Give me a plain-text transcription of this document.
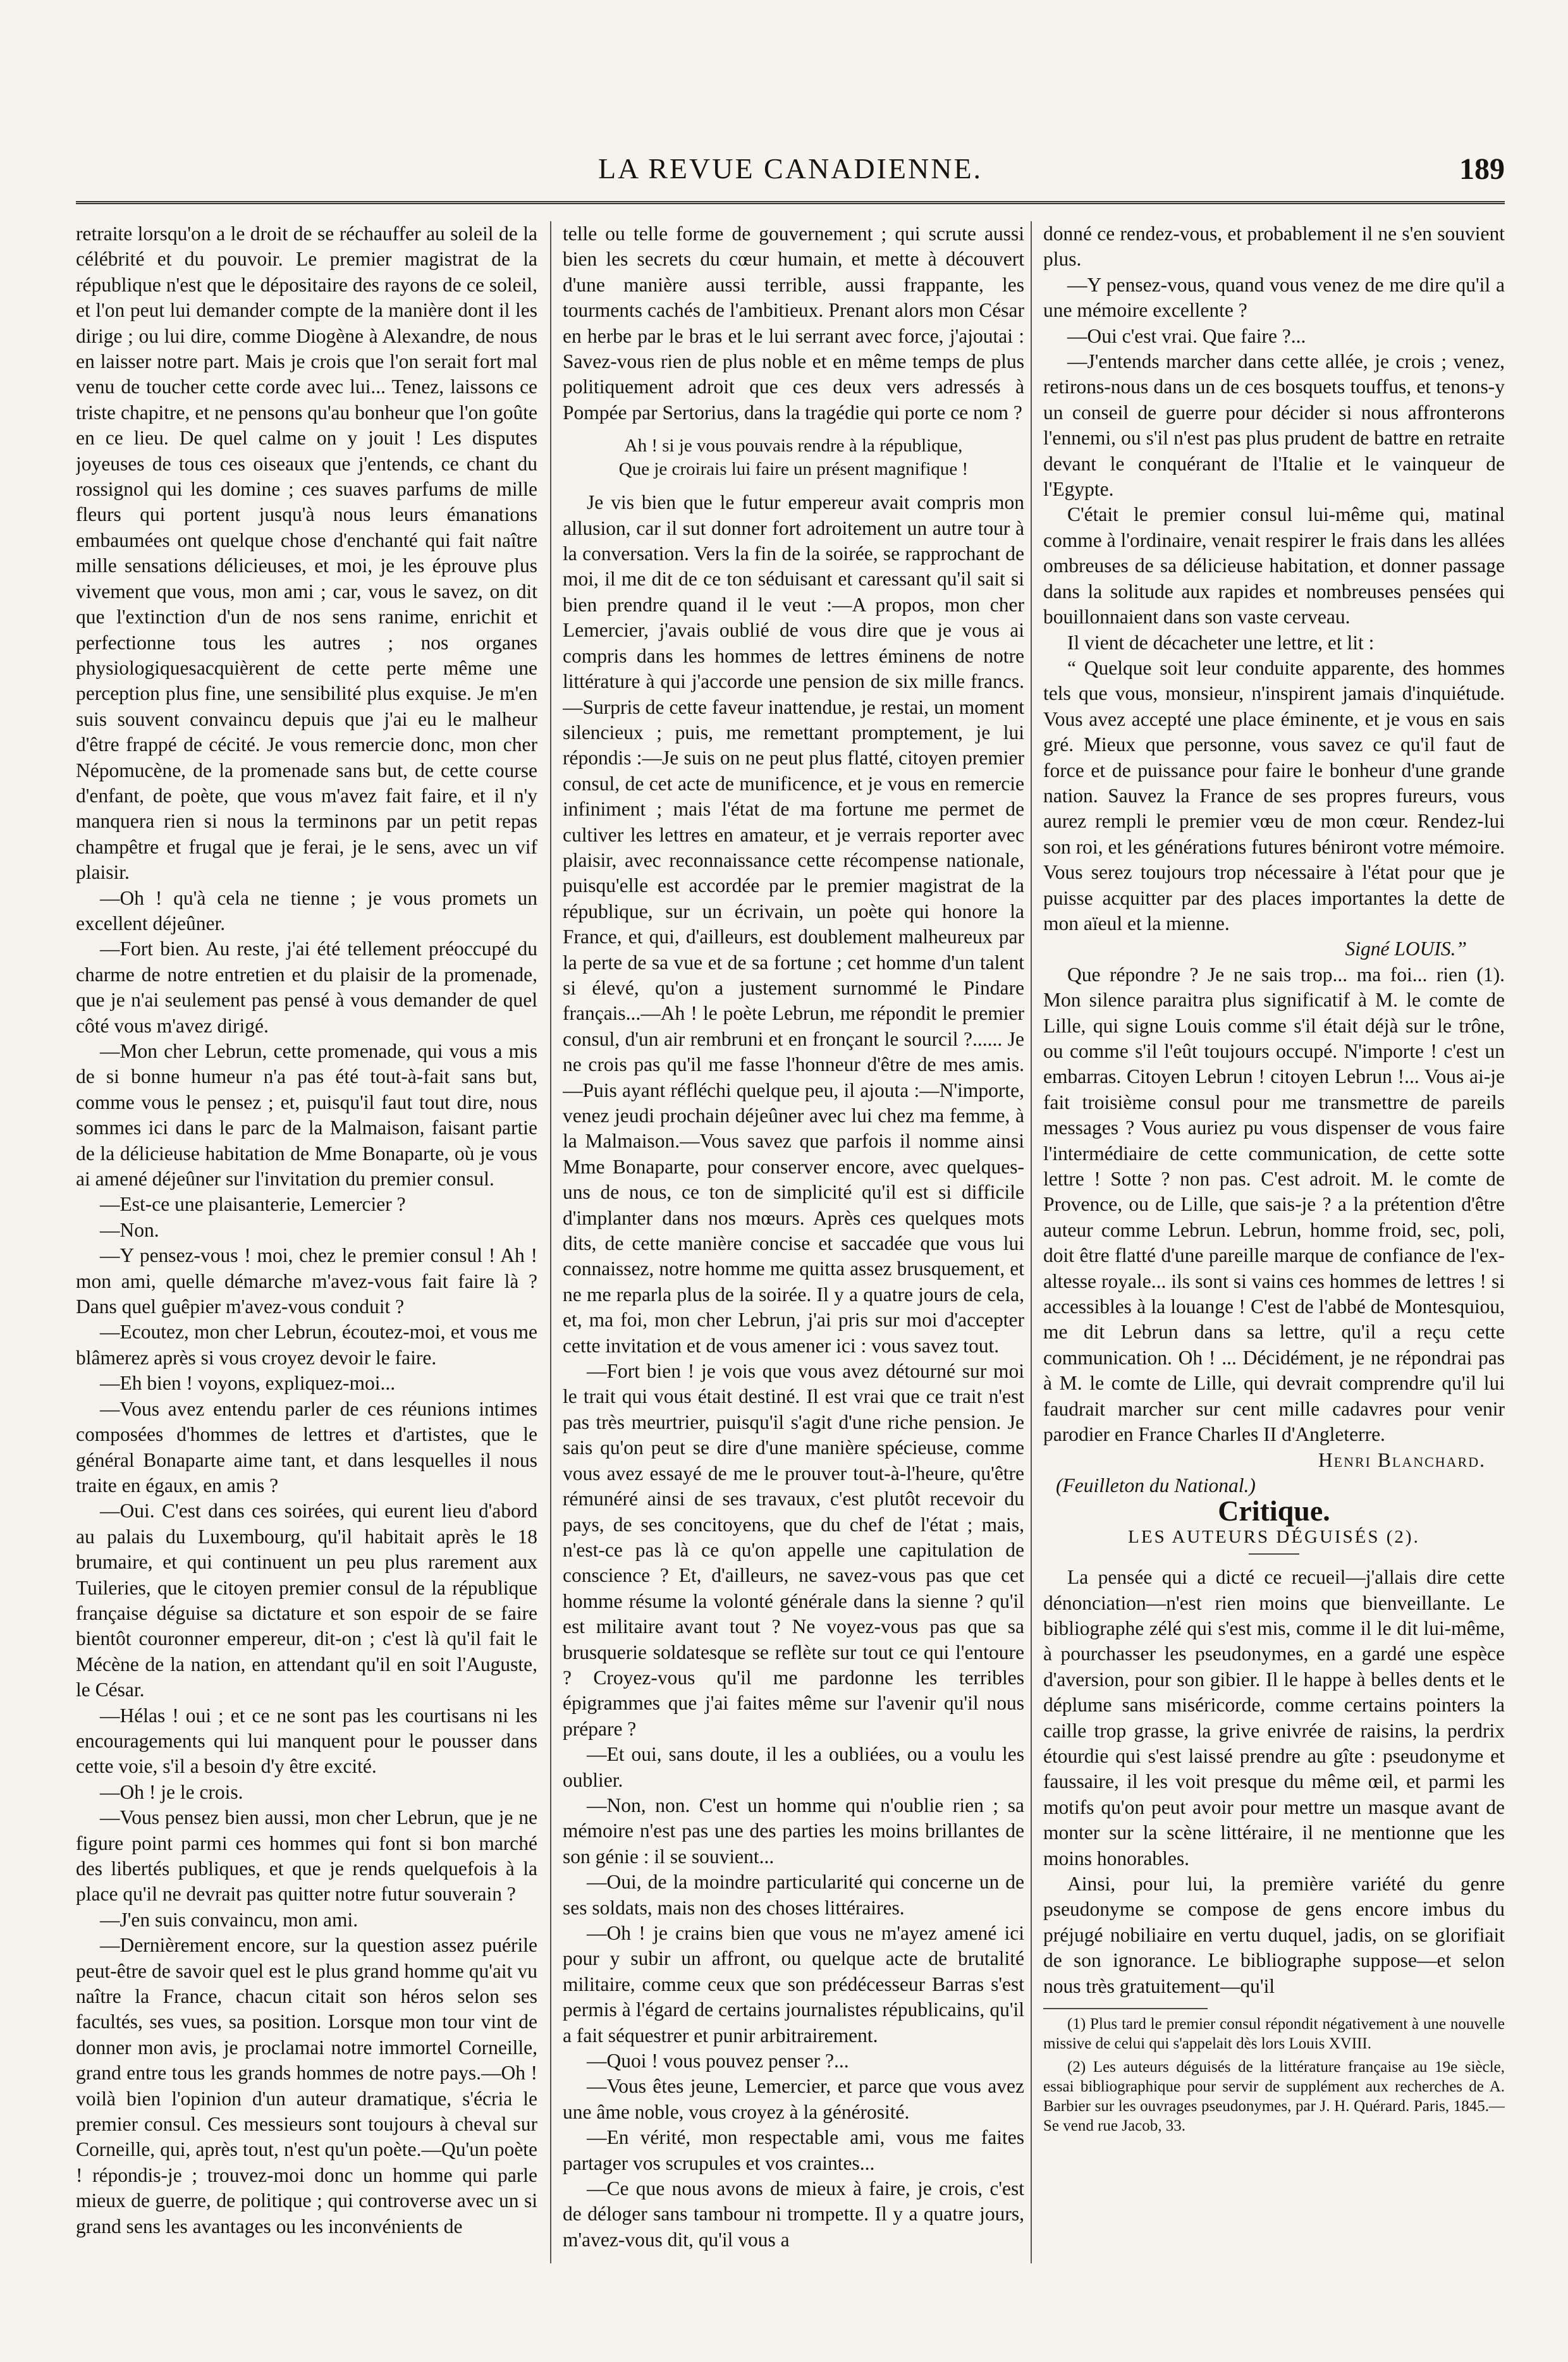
LA REVUE CANADIENNE.	189

retraite lorsqu'on a le droit de se réchauffer au soleil de la célébrité et du pouvoir. Le premier magistrat de la république n'est que le dépositaire des rayons de ce soleil, et l'on peut lui demander compte de la manière dont il les dirige ; ou lui dire, comme Diogène à Alexandre, de nous en laisser notre part. Mais je crois que l'on serait fort mal venu de toucher cette corde avec lui... Tenez, laissons ce triste chapitre, et ne pensons qu'au bonheur que l'on goûte en ce lieu. De quel calme on y jouit ! Les disputes joyeuses de tous ces oiseaux que j'entends, ce chant du rossignol qui les domine ; ces suaves parfums de mille fleurs qui portent jusqu'à nous leurs émanations embaumées ont quelque chose d'enchanté qui fait naître mille sensations délicieuses, et moi, je les éprouve plus vivement que vous, mon ami ; car, vous le savez, on dit que l'extinction d'un de nos sens ranime, enrichit et perfectionne tous les autres ; nos organes physiologiquesacquièrent de cette perte même une perception plus fine, une sensibilité plus exquise. Je m'en suis souvent convaincu depuis que j'ai eu le malheur d'être frappé de cécité. Je vous remercie donc, mon cher Népomucène, de la promenade sans but, de cette course d'enfant, de poète, que vous m'avez fait faire, et il n'y manquera rien si nous la terminons par un petit repas champêtre et frugal que je ferai, je le sens, avec un vif plaisir.

—Oh ! qu'à cela ne tienne ; je vous promets un excellent déjeûner.

—Fort bien. Au reste, j'ai été tellement préoccupé du charme de notre entretien et du plaisir de la promenade, que je n'ai seulement pas pensé à vous demander de quel côté vous m'avez dirigé.

—Mon cher Lebrun, cette promenade, qui vous a mis de si bonne humeur n'a pas été tout-à-fait sans but, comme vous le pensez ; et, puisqu'il faut tout dire, nous sommes ici dans le parc de la Malmaison, faisant partie de la délicieuse habitation de Mme Bonaparte, où je vous ai amené déjeûner sur l'invitation du premier consul.

—Est-ce une plaisanterie, Lemercier ?

—Non.

—Y pensez-vous ! moi, chez le premier consul ! Ah ! mon ami, quelle démarche m'avez-vous fait faire là ? Dans quel guêpier m'avez-vous conduit ?

—Ecoutez, mon cher Lebrun, écoutez-moi, et vous me blâmerez après si vous croyez devoir le faire.

—Eh bien ! voyons, expliquez-moi...

—Vous avez entendu parler de ces réunions intimes composées d'hommes de lettres et d'artistes, que le général Bonaparte aime tant, et dans lesquelles il nous traite en égaux, en amis ?

—Oui. C'est dans ces soirées, qui eurent lieu d'abord au palais du Luxembourg, qu'il habitait après le 18 brumaire, et qui continuent un peu plus rarement aux Tuileries, que le citoyen premier consul de la république française déguise sa dictature et son espoir de se faire bientôt couronner empereur, dit-on ; c'est là qu'il fait le Mécène de la nation, en attendant qu'il en soit l'Auguste, le César.

—Hélas ! oui ; et ce ne sont pas les courtisans ni les encouragements qui lui manquent pour le pousser dans cette voie, s'il a besoin d'y être excité.

—Oh ! je le crois.

—Vous pensez bien aussi, mon cher Lebrun, que je ne figure point parmi ces hommes qui font si bon marché des libertés publiques, et que je rends quelquefois à la place qu'il ne devrait pas quitter notre futur souverain ?

—J'en suis convaincu, mon ami.

—Dernièrement encore, sur la question assez puérile peut-être de savoir quel est le plus grand homme qu'ait vu naître la France, chacun citait son héros selon ses facultés, ses vues, sa position. Lorsque mon tour vint de donner mon avis, je proclamai notre immortel Corneille, grand entre tous les grands hommes de notre pays.—Oh ! voilà bien l'opinion d'un auteur dramatique, s'écria le premier consul. Ces messieurs sont toujours à cheval sur Corneille, qui, après tout, n'est qu'un poète.—Qu'un poète ! répondis-je ; trouvez-moi donc un homme qui parle mieux de guerre, de politique ; qui controverse avec un si grand sens les avantages ou les inconvénients de

telle ou telle forme de gouvernement ; qui scrute aussi bien les secrets du cœur humain, et mette à découvert d'une manière aussi terrible, aussi frappante, les tourments cachés de l'ambitieux. Prenant alors mon César en herbe par le bras et le lui serrant avec force, j'ajoutai : Savez-vous rien de plus noble et en même temps de plus politiquement adroit que ces deux vers adressés à Pompée par Sertorius, dans la tragédie qui porte ce nom ?

Ah ! si je vous pouvais rendre à la république,
Que je croirais lui faire un présent magnifique !

Je vis bien que le futur empereur avait compris mon allusion, car il sut donner fort adroitement un autre tour à la conversation. Vers la fin de la soirée, se rapprochant de moi, il me dit de ce ton séduisant et caressant qu'il sait si bien prendre quand il le veut :—A propos, mon cher Lemercier, j'avais oublié de vous dire que je vous ai compris dans les hommes de lettres éminens de notre littérature à qui j'accorde une pension de six mille francs.—Surpris de cette faveur inattendue, je restai, un moment silencieux ; puis, me remettant promptement, je lui répondis :—Je suis on ne peut plus flatté, citoyen premier consul, de cet acte de munificence, et je vous en remercie infiniment ; mais l'état de ma fortune me permet de cultiver les lettres en amateur, et je verrais reporter avec plaisir, avec reconnaissance cette récompense nationale, puisqu'elle est accordée par le premier magistrat de la république, sur un écrivain, un poète qui honore la France, et qui, d'ailleurs, est doublement malheureux par la perte de sa vue et de sa fortune ; cet homme d'un talent si élevé, qu'on a justement surnommé le Pindare français...—Ah ! le poète Lebrun, me répondit le premier consul, d'un air rembruni et en fronçant le sourcil ?...... Je ne crois pas qu'il me fasse l'honneur d'être de mes amis.—Puis ayant réfléchi quelque peu, il ajouta :—N'importe, venez jeudi prochain déjeûner avec lui chez ma femme, à la Malmaison.—Vous savez que parfois il nomme ainsi Mme Bonaparte, pour conserver encore, avec quelques-uns de nous, ce ton de simplicité qu'il est si difficile d'implanter dans nos mœurs. Après ces quelques mots dits, de cette manière concise et saccadée que vous lui connaissez, notre homme me quitta assez brusquement, et ne me reparla plus de la soirée. Il y a quatre jours de cela, et, ma foi, mon cher Lebrun, j'ai pris sur moi d'accepter cette invitation et de vous amener ici : vous savez tout.

—Fort bien ! je vois que vous avez détourné sur moi le trait qui vous était destiné. Il est vrai que ce trait n'est pas très meurtrier, puisqu'il s'agit d'une riche pension. Je sais qu'on peut se dire d'une manière spécieuse, comme vous avez essayé de me le prouver tout-à-l'heure, qu'être rémunéré ainsi de ses travaux, c'est plutôt recevoir du pays, de ses concitoyens, que du chef de l'état ; mais, n'est-ce pas là ce qu'on appelle une capitulation de conscience ? Et, d'ailleurs, ne savez-vous pas que cet homme résume la volonté générale dans la sienne ? qu'il est militaire avant tout ? Ne voyez-vous pas que sa brusquerie soldatesque se reflète sur tout ce qui l'entoure ? Croyez-vous qu'il me pardonne les terribles épigrammes que j'ai faites même sur l'avenir qu'il nous prépare ?

—Et oui, sans doute, il les a oubliées, ou a voulu les oublier.

—Non, non. C'est un homme qui n'oublie rien ; sa mémoire n'est pas une des parties les moins brillantes de son génie : il se souvient...

—Oui, de la moindre particularité qui concerne un de ses soldats, mais non des choses littéraires.

—Oh ! je crains bien que vous ne m'ayez amené ici pour y subir un affront, ou quelque acte de brutalité militaire, comme ceux que son prédécesseur Barras s'est permis à l'égard de certains journalistes républicains, qu'il a fait séquestrer et punir arbitrairement.

—Quoi ! vous pouvez penser ?...

—Vous êtes jeune, Lemercier, et parce que vous avez une âme noble, vous croyez à la générosité.

—En vérité, mon respectable ami, vous me faites partager vos scrupules et vos craintes...

—Ce que nous avons de mieux à faire, je crois, c'est de déloger sans tambour ni trompette. Il y a quatre jours, m'avez-vous dit, qu'il vous a

donné ce rendez-vous, et probablement il ne s'en souvient plus.

—Y pensez-vous, quand vous venez de me dire qu'il a une mémoire excellente ?

—Oui c'est vrai. Que faire ?...

—J'entends marcher dans cette allée, je crois ; venez, retirons-nous dans un de ces bosquets touffus, et tenons-y un conseil de guerre pour décider si nous affronterons l'ennemi, ou s'il n'est pas plus prudent de battre en retraite devant le conquérant de l'Italie et le vainqueur de l'Egypte.

C'était le premier consul lui-même qui, matinal comme à l'ordinaire, venait respirer le frais dans les allées ombreuses de sa délicieuse habitation, et donner passage dans la solitude aux rapides et nombreuses pensées qui bouillonnaient dans son vaste cerveau.

Il vient de décacheter une lettre, et lit :

“ Quelque soit leur conduite apparente, des hommes tels que vous, monsieur, n'inspirent jamais d'inquiétude. Vous avez accepté une place éminente, et je vous en sais gré. Mieux que personne, vous savez ce qu'il faut de force et de puissance pour faire le bonheur d'une grande nation. Sauvez la France de ses propres fureurs, vous aurez rempli le premier vœu de mon cœur. Rendez-lui son roi, et les générations futures béniront votre mémoire. Vous serez toujours trop nécessaire à l'état pour que je puisse acquitter par des places importantes la dette de mon aïeul et la mienne.

Signé LOUIS.”

Que répondre ? Je ne sais trop... ma foi... rien (1). Mon silence paraitra plus significatif à M. le comte de Lille, qui signe Louis comme s'il était déjà sur le trône, ou comme s'il l'eût toujours occupé. N'importe ! c'est un embarras. Citoyen Lebrun ! citoyen Lebrun !... Vous ai-je fait troisième consul pour me transmettre de pareils messages ? Vous auriez pu vous dispenser de vous faire l'intermédiaire de cette communication, de cette sotte lettre ! Sotte ? non pas. C'est adroit. M. le comte de Provence, ou de Lille, que sais-je ? a la prétention d'être auteur comme Lebrun. Lebrun, homme froid, sec, poli, doit être flatté d'une pareille marque de confiance de l'ex-altesse royale... ils sont si vains ces hommes de lettres ! si accessibles à la louange ! C'est de l'abbé de Montesquiou, me dit Lebrun dans sa lettre, qu'il a reçu cette communication. Oh ! ... Décidément, je ne répondrai pas à M. le comte de Lille, qui devrait comprendre qu'il lui faudrait marcher sur cent mille cadavres pour venir parodier en France Charles II d'Angleterre.

Henri Blanchard.

(Feuilleton du National.)

Critique.

LES AUTEURS DÉGUISÉS (2).

La pensée qui a dicté ce recueil—j'allais dire cette dénonciation—n'est rien moins que bienveillante. Le bibliographe zélé qui s'est mis, comme il le dit lui-même, à pourchasser les pseudonymes, en a gardé une espèce d'aversion, pour son gibier. Il le happe à belles dents et le déplume sans miséricorde, comme certains pointers la caille trop grasse, la grive enivrée de raisins, la perdrix étourdie qui s'est laissé prendre au gîte : pseudonyme et faussaire, il les voit presque du même œil, et parmi les motifs qu'on peut avoir pour mettre un masque avant de monter sur la scène littéraire, il ne mentionne que les moins honorables.

Ainsi, pour lui, la première variété du genre pseudonyme se compose de gens encore imbus du préjugé nobiliaire en vertu duquel, jadis, on se glorifiait de son ignorance. Le bibliographe suppose—et selon nous très gratuitement—qu'il

(1) Plus tard le premier consul répondit négativement à une nouvelle missive de celui qui s'appelait dès lors Louis XVIII.

(2) Les auteurs déguisés de la littérature française au 19e siècle, essai bibliographique pour servir de supplément aux recherches de A. Barbier sur les ouvrages pseudonymes, par J. H. Quérard. Paris, 1845.—Se vend rue Jacob, 33.
